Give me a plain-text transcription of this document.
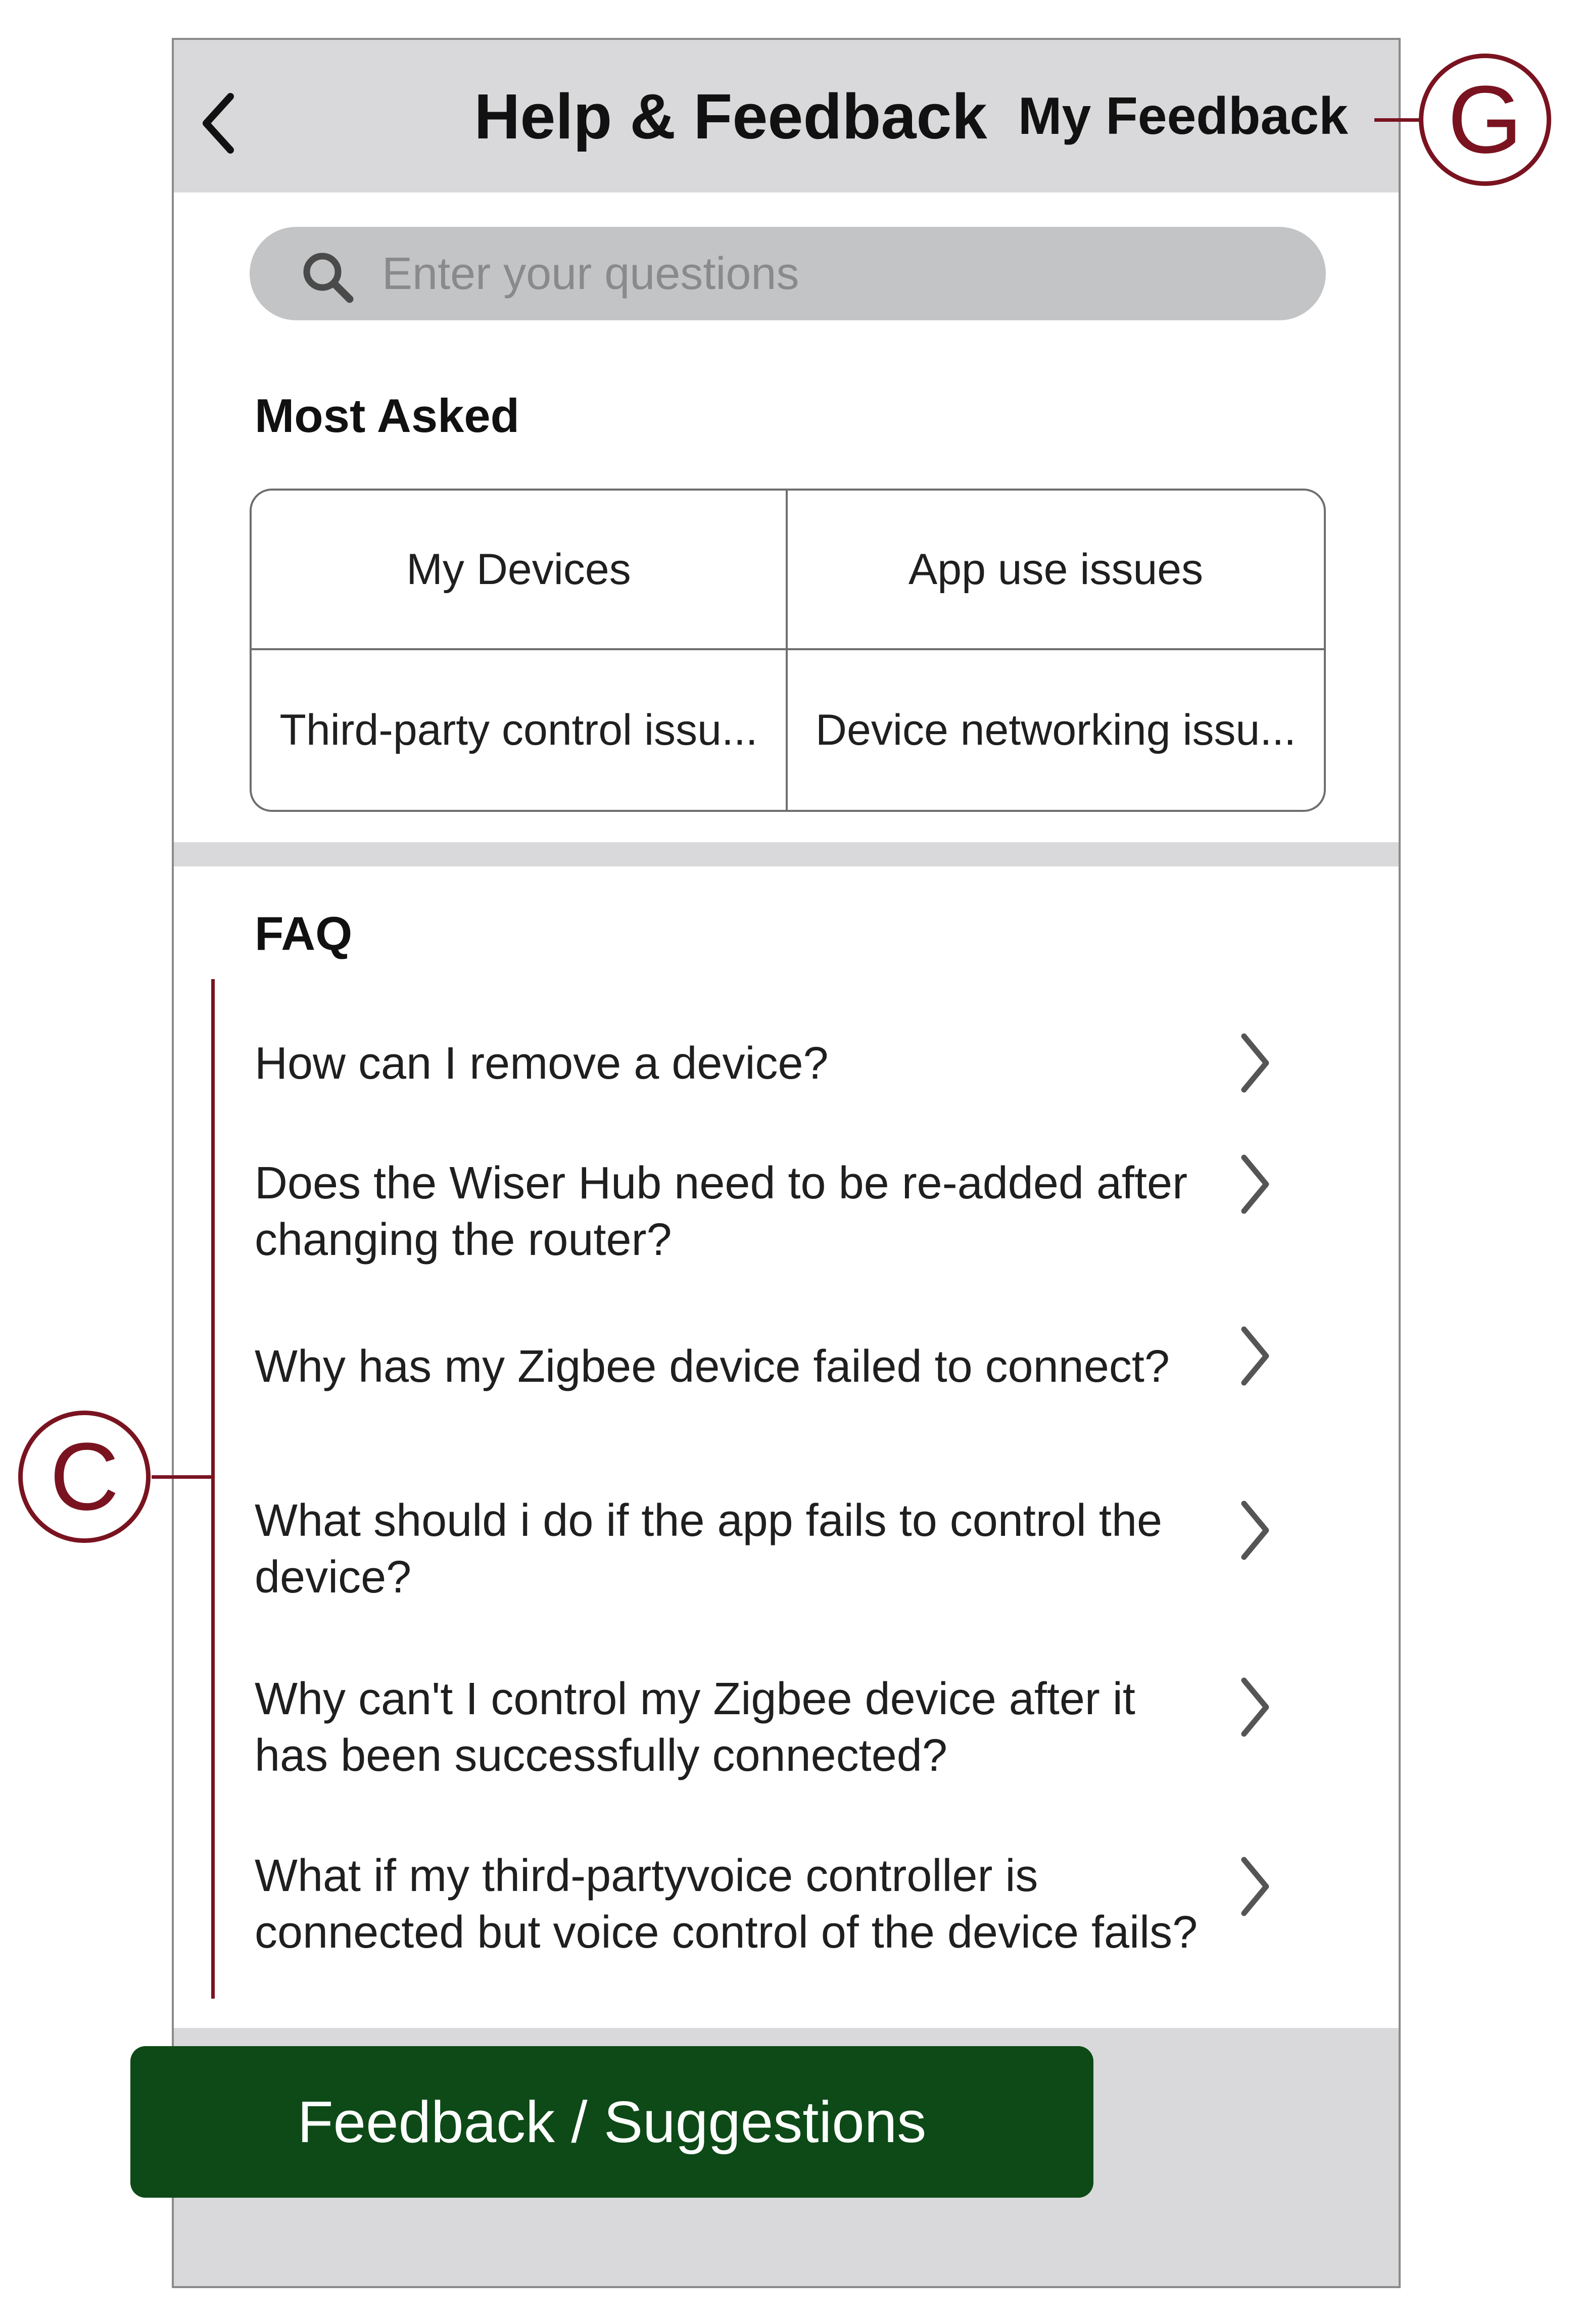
Help & Feedback My Feedback
Enter your questions
Most Asked
My Devices	App use issues
Third-party control issu...	Device networking issu...
FAQ
How can I remove a device?
Does the Wiser Hub need to be re-added after
changing the router?
Why has my Zigbee device failed to connect?
What should i do if the app fails to control the
device?
Why can't I control my Zigbee device after it
has been successfully connected?
What if my third-partyvoice controller is
connected but voice control of the device fails?
Feedback / Suggestions
G
C
